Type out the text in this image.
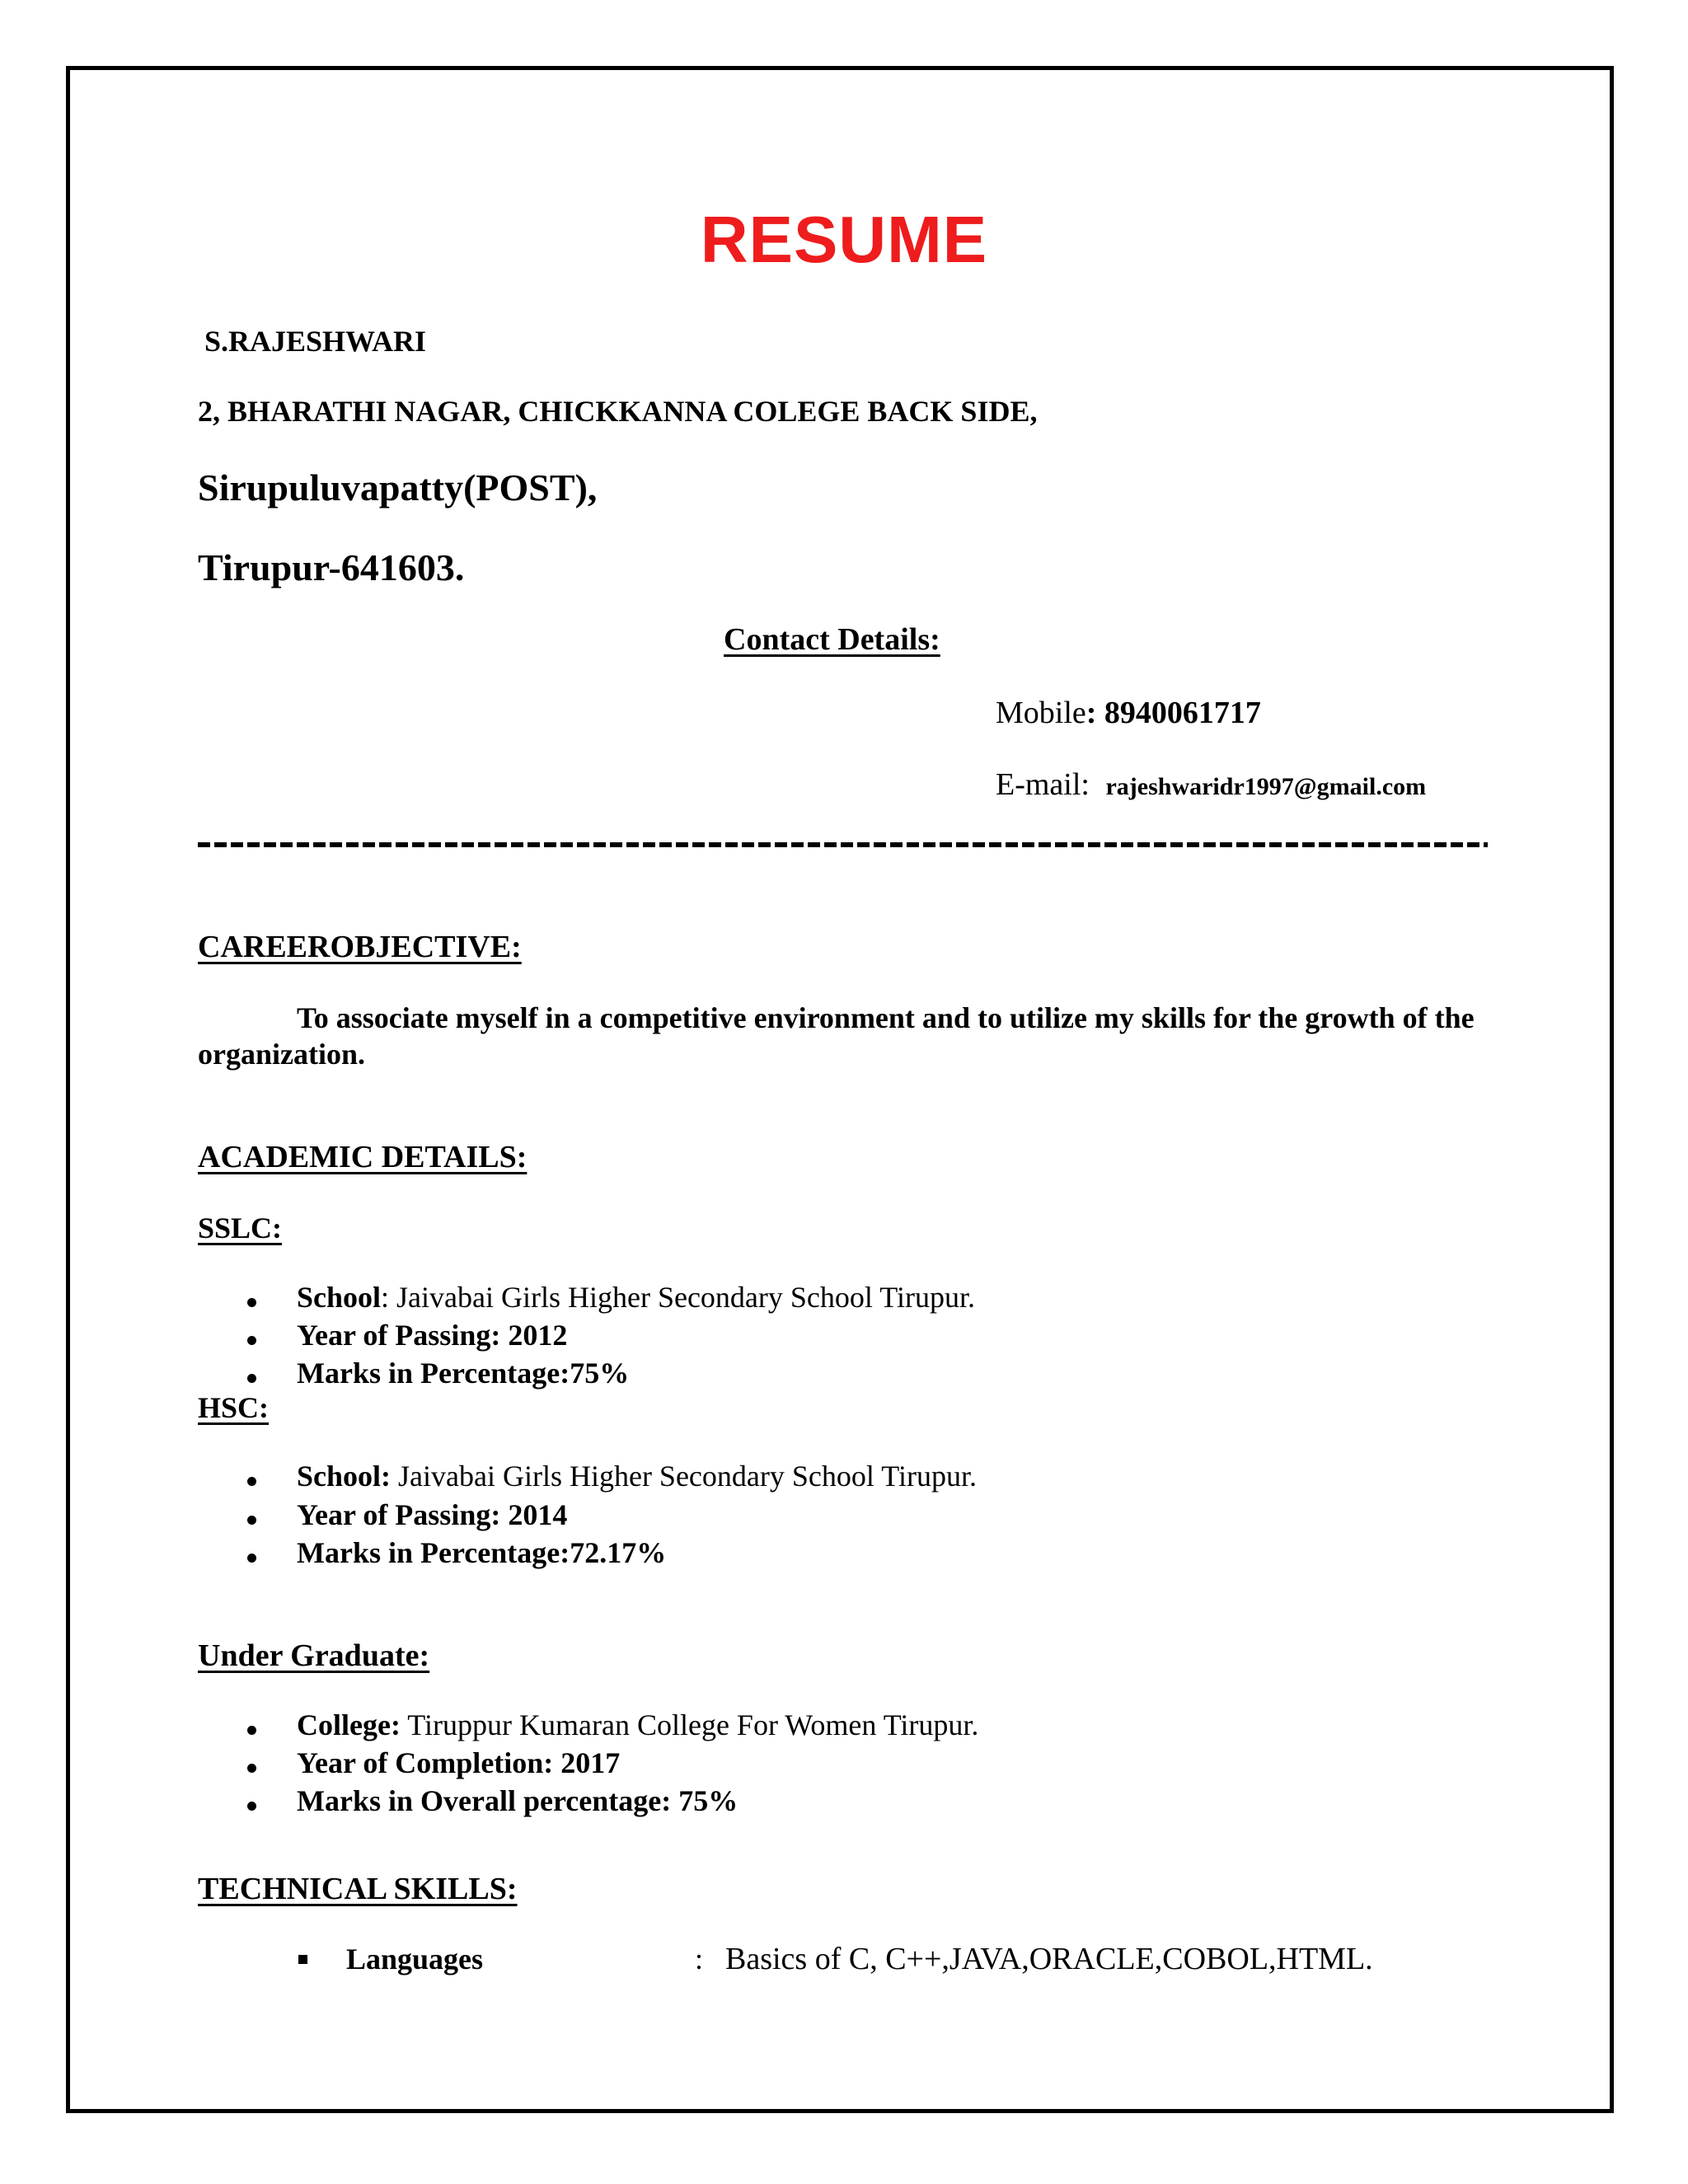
RESUME
S.RAJESHWARI
2, BHARATHI NAGAR, CHICKKANNA COLEGE BACK SIDE,
Sirupuluvapatty(POST),
Tirupur-641603.
Contact Details:
Mobile: 8940061717
E-mail: rajeshwaridr1997@gmail.com
CAREEROBJECTIVE:
To associate myself in a competitive environment and to utilize my skills for the growth of the organization.
ACADEMIC DETAILS:
SSLC:
School: Jaivabai Girls Higher Secondary School Tirupur.
Year of Passing: 2012
Marks in Percentage:75%
HSC:
School: Jaivabai Girls Higher Secondary School Tirupur.
Year of Passing: 2014
Marks in Percentage:72.17%
Under Graduate:
College: Tiruppur Kumaran College For Women Tirupur.
Year of Completion: 2017
Marks in Overall percentage: 75%
TECHNICAL SKILLS:
Languages	: Basics of C, C++,JAVA,ORACLE,COBOL,HTML.
